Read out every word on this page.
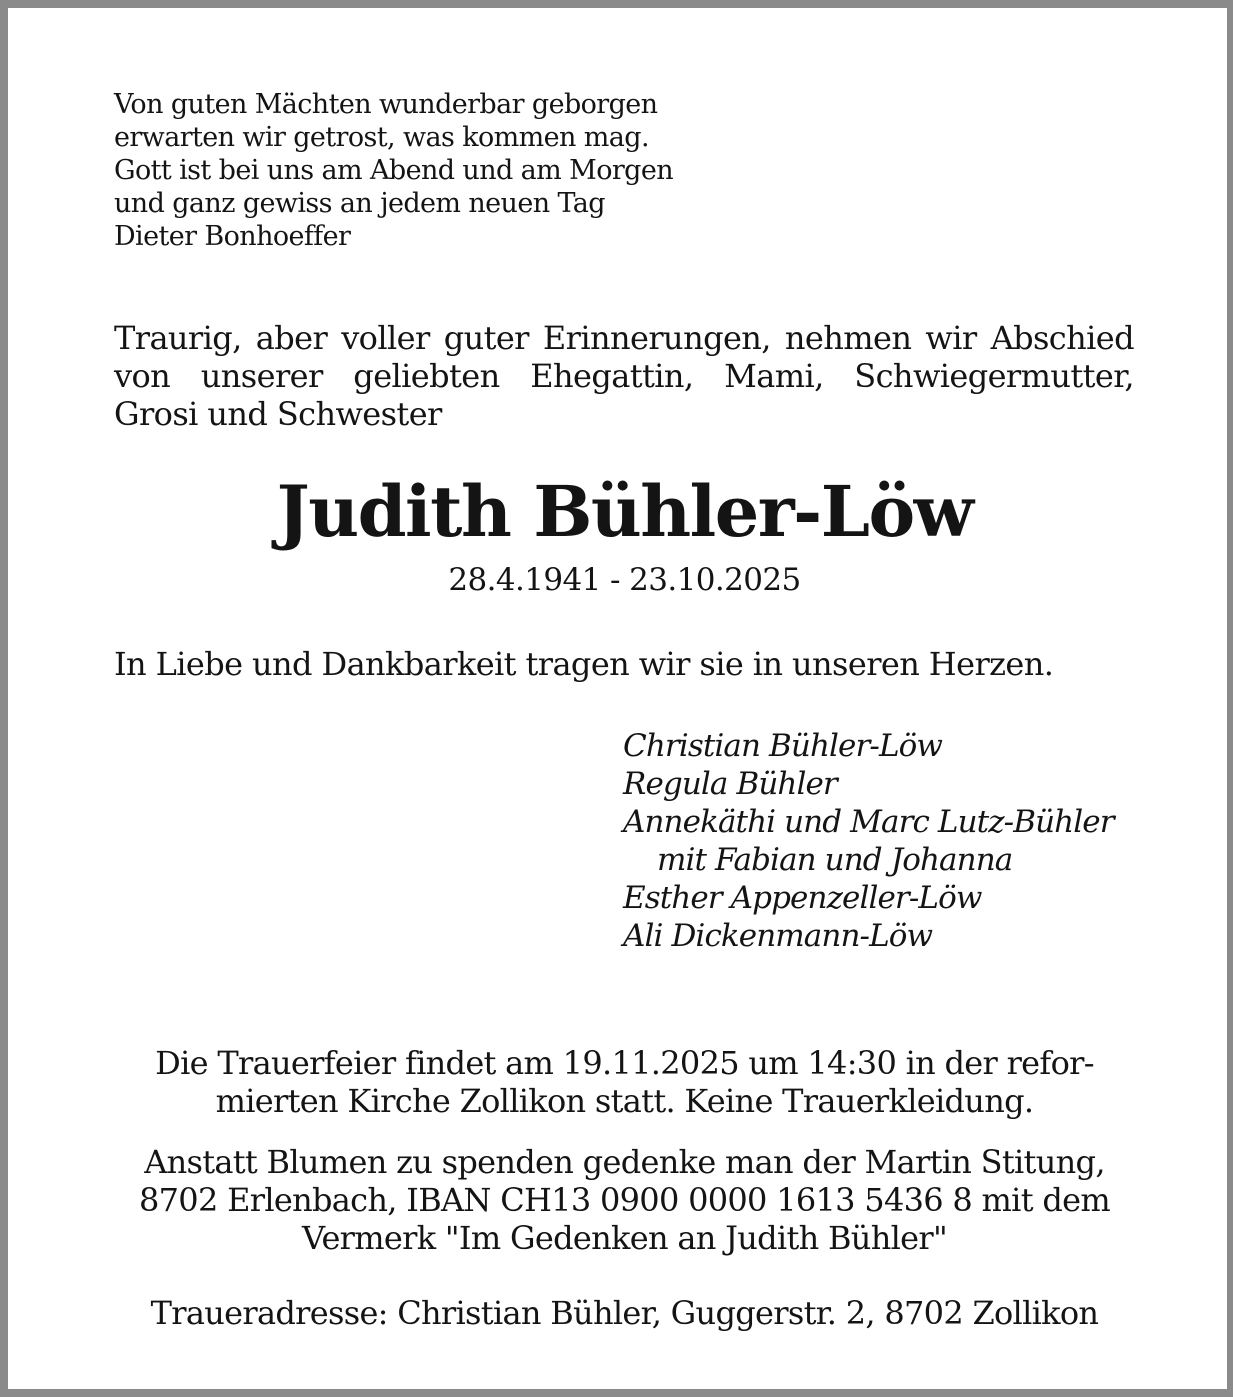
Von guten Mächten wunderbar geborgen
erwarten wir getrost, was kommen mag.
Gott ist bei uns am Abend und am Morgen
und ganz gewiss an jedem neuen Tag
Dieter Bonhoeffer
Traurig, aber voller guter Erinnerungen, nehmen wir Abschied
von unserer geliebten Ehegattin, Mami, Schwiegermutter,
Grosi und Schwester
Judith Bühler-Löw
28.4.1941 - 23.10.2025
In Liebe und Dankbarkeit tragen wir sie in unseren Herzen.
Christian Bühler-Löw
Regula Bühler
Annekäthi und Marc Lutz-Bühler
mit Fabian und Johanna
Esther Appenzeller-Löw
Ali Dickenmann-Löw
Die Trauerfeier findet am 19.11.2025 um 14:30 in der refor-
mierten Kirche Zollikon statt. Keine Trauerkleidung.
Anstatt Blumen zu spenden gedenke man der Martin Stitung,
8702 Erlenbach, IBAN CH13 0900 0000 1613 5436 8 mit dem
Vermerk "Im Gedenken an Judith Bühler"
Traueradresse: Christian Bühler, Guggerstr. 2, 8702 Zollikon
